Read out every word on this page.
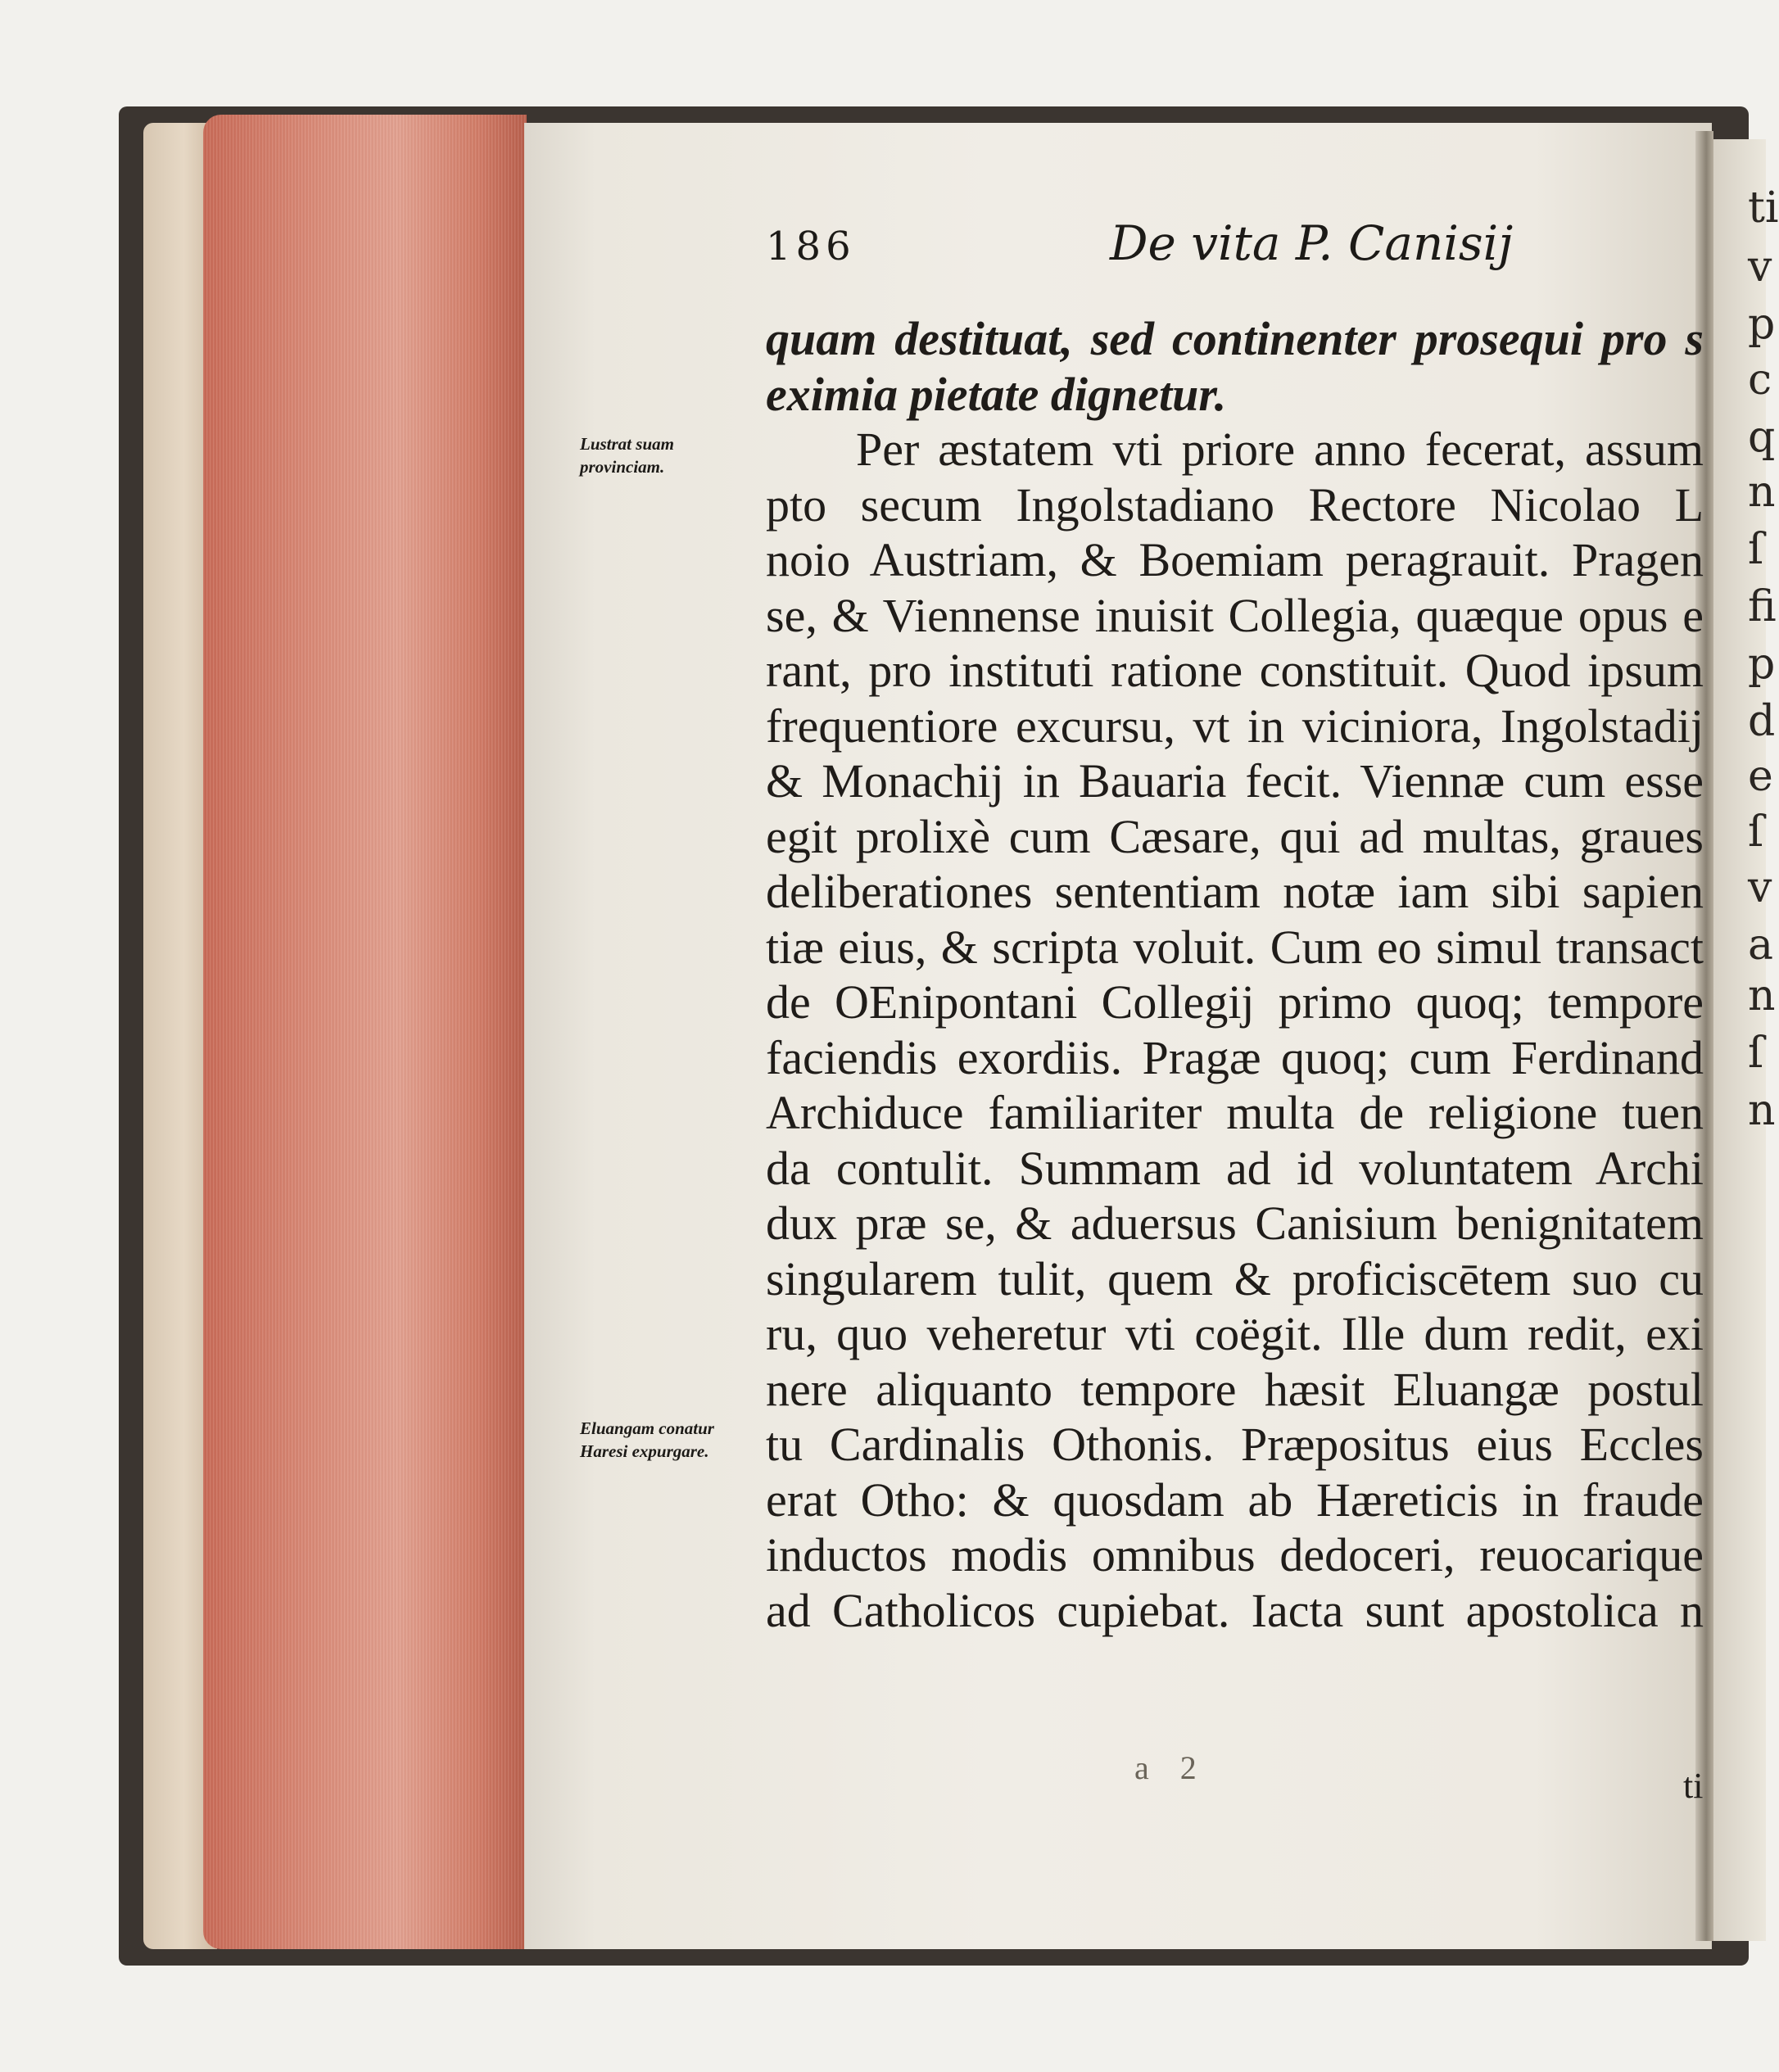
ti
v
p
c
q
n
ſ
fi
p
d
e
ſ
v
a
n
ſ
n
186	De vita P. Canisij
Lustrat suam provinciam.
Eluangam conatur Haresi expurgare.
quam destituat, sed continenter prosequi pro s
eximia pietate dignetur.
Per æstatem vti priore anno fecerat, assum
pto secum Ingolstadiano Rectore Nicolao L
noio Austriam, & Boemiam peragrauit. Pragen
se, & Viennense inuisit Collegia, quæque opus e
rant, pro instituti ratione constituit. Quod ipsum
frequentiore excursu, vt in viciniora, Ingolstadij
& Monachij in Bauaria fecit. Viennæ cum esse
egit prolixè cum Cæsare, qui ad multas, graues
deliberationes sententiam notæ iam sibi sapien
tiæ eius, & scripta voluit. Cum eo simul transact
de OEnipontani Collegij primo quoq; tempore
faciendis exordiis. Pragæ quoq; cum Ferdinand
Archiduce familiariter multa de religione tuen
da contulit. Summam ad id voluntatem Archi
dux præ se, & aduersus Canisium benignitatem
singularem tulit, quem & proficiscētem suo cu
ru, quo veheretur vti coëgit. Ille dum redit, exi
nere aliquanto tempore hæsit Eluangæ postul
tu Cardinalis Othonis. Præpositus eius Eccles
erat Otho: & quosdam ab Hæreticis in fraude
inductos modis omnibus dedoceri, reuocarique
ad Catholicos cupiebat. Iacta sunt apostolica n
a 2	ti
